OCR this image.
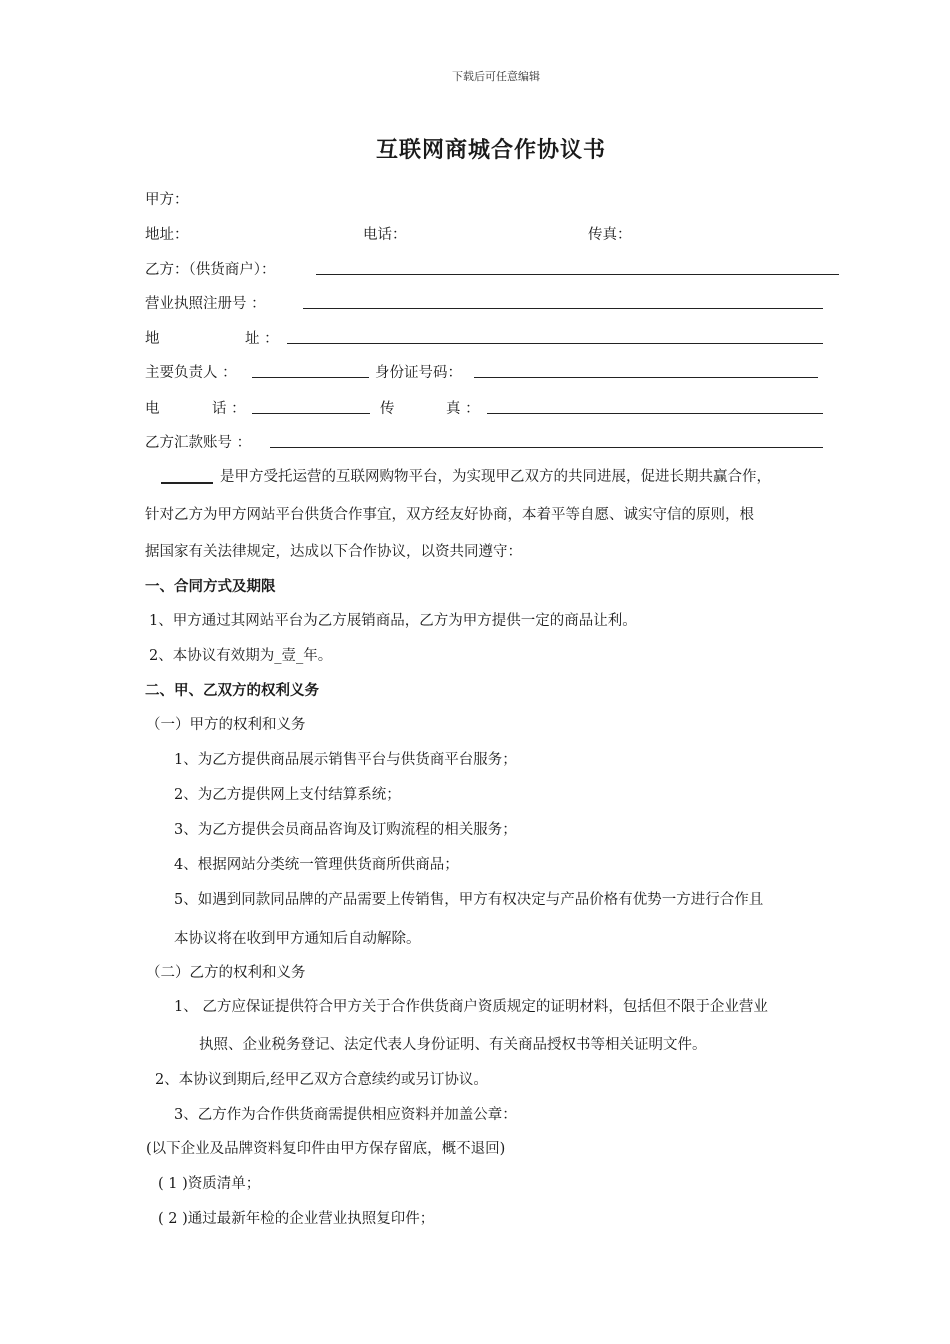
下载后可任意编辑
互联网商城合作协议书
甲方：
地址：	电话：	传真：
乙方：（供货商户）：
营业执照注册号 ：
地	址 ：
主要负责人 ：	身份证号码：
电	话 ：	传	真 ：
乙方汇款账号 ：
是甲方受托运营的互联网购物平台，为实现甲乙双方的共同进展，促进长期共赢合作，
针对乙方为甲方网站平台供货合作事宜，双方经友好协商，本着平等自愿、诚实守信的原则，根
据国家有关法律规定，达成以下合作协议，以资共同遵守：
一、合同方式及期限
1、甲方通过其网站平台为乙方展销商品，乙方为甲方提供一定的商品让利。
2、本协议有效期为_壹_年。
二、甲、乙双方的权利义务
（一）甲方的权利和义务
1、为乙方提供商品展示销售平台与供货商平台服务；
2、为乙方提供网上支付结算系统；
3、为乙方提供会员商品咨询及订购流程的相关服务；
4、根据网站分类统一管理供货商所供商品；
5、如遇到同款同品牌的产品需要上传销售，甲方有权决定与产品价格有优势一方进行合作且
本协议将在收到甲方通知后自动解除。
（二）乙方的权利和义务
1、 乙方应保证提供符合甲方关于合作供货商户资质规定的证明材料，包括但不限于企业营业
执照、企业税务登记、法定代表人身份证明、有关商品授权书等相关证明文件。
2、本协议到期后,经甲乙双方合意续约或另订协议。
3、乙方作为合作供货商需提供相应资料并加盖公章：
(以下企业及品牌资料复印件由甲方保存留底，概不退回)
( 1 )资质清单；
( 2 )通过最新年检的企业营业执照复印件；
